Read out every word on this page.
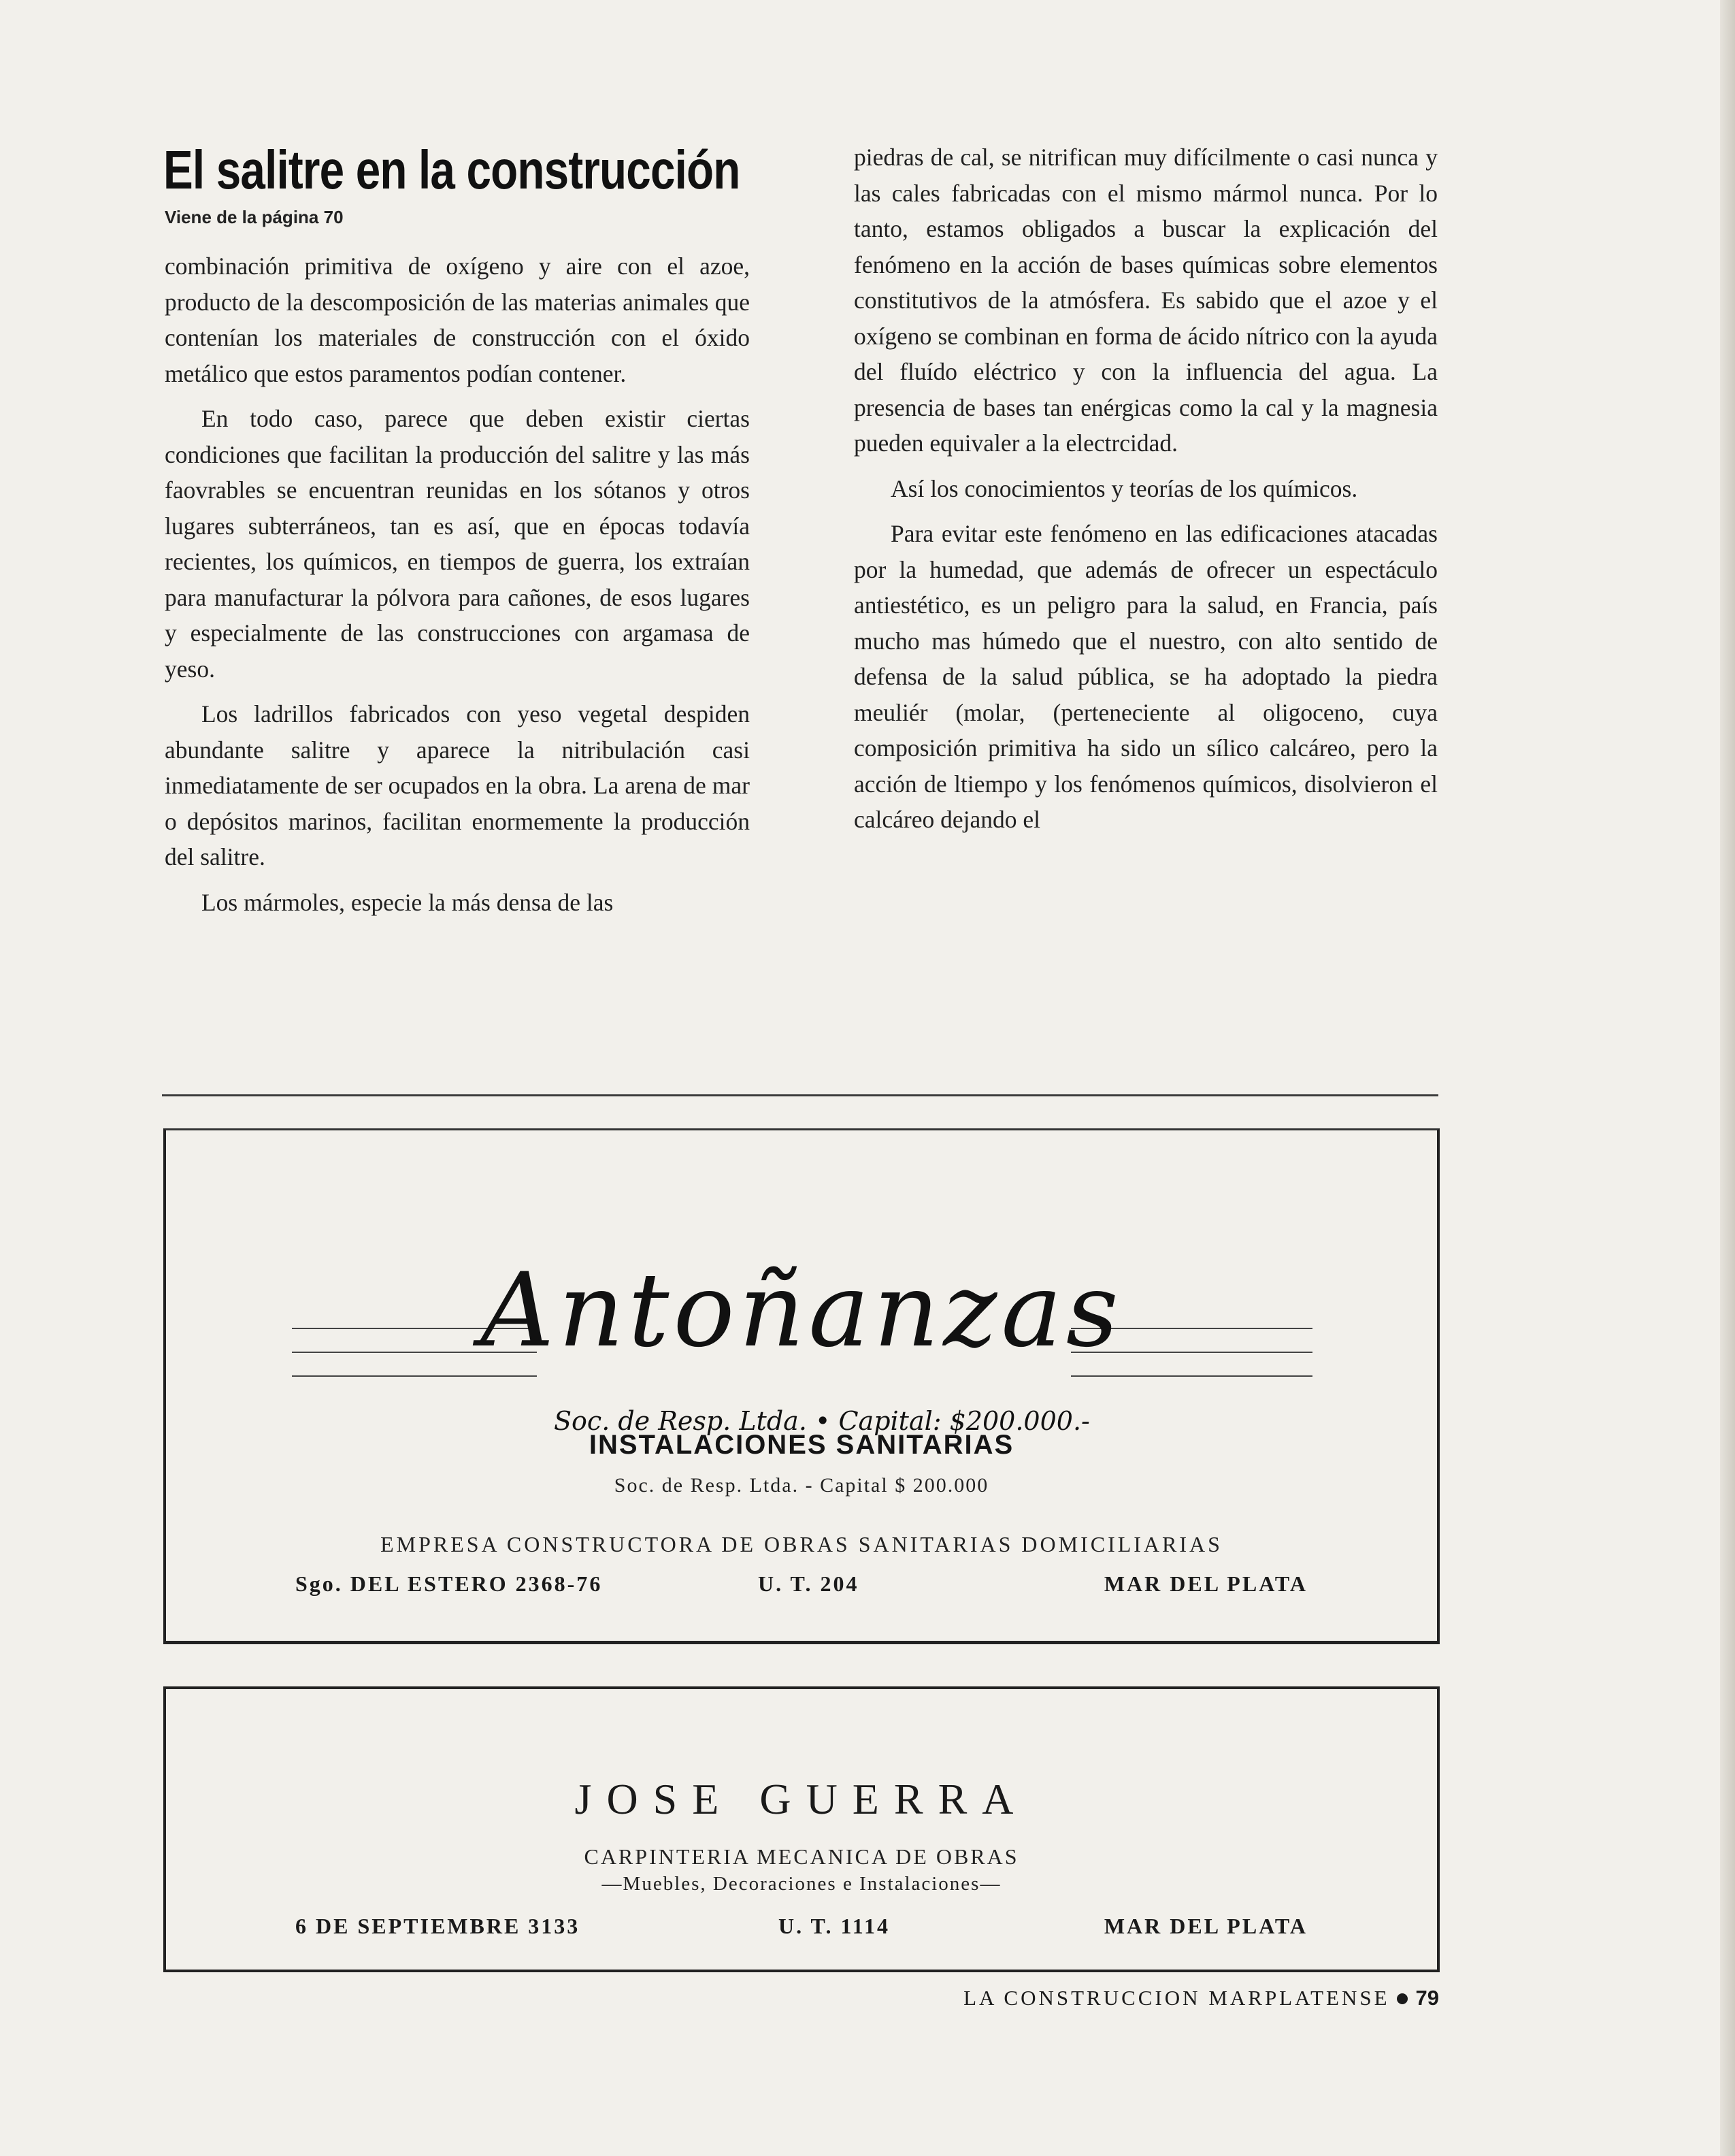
El salitre en la construcción
Viene de la página 70

combinación primitiva de oxígeno y aire con el azoe, producto de la descomposición de las materias animales que contenían los materiales de construcción con el óxido metálico que estos paramentos podían contener.

En todo caso, parece que deben existir ciertas condiciones que facilitan la producción del salitre y las más faovrables se encuentran reunidas en los sótanos y otros lugares subterráneos, tan es así, que en épocas todavía recientes, los químicos, en tiempos de guerra, los extraían para manufacturar la pólvora para cañones, de esos lugares y especialmente de las construcciones con argamasa de yeso.

Los ladrillos fabricados con yeso vegetal despiden abundante salitre y aparece la nitribulación casi inmediatamente de ser ocupados en la obra. La arena de mar o depósitos marinos, facilitan enormemente la producción del salitre.

Los mármoles, especie la más densa de las

piedras de cal, se nitrifican muy difícilmente o casi nunca y las cales fabricadas con el mismo mármol nunca. Por lo tanto, estamos obligados a buscar la explicación del fenómeno en la acción de bases químicas sobre elementos constitutivos de la atmósfera. Es sabido que el azoe y el oxígeno se combinan en forma de ácido nítrico con la ayuda del fluído eléctrico y con la influencia del agua. La presencia de bases tan enérgicas como la cal y la magnesia pueden equivaler a la electrcidad.

Así los conocimientos y teorías de los químicos.

Para evitar este fenómeno en las edificaciones atacadas por la humedad, que además de ofrecer un espectáculo antiestético, es un peligro para la salud, en Francia, país mucho mas húmedo que el nuestro, con alto sentido de defensa de la salud pública, se ha adoptado la piedra meuliér (molar, (perteneciente al oligoceno, cuya composición primitiva ha sido un sílico calcáreo, pero la acción de ltiempo y los fenómenos químicos, disolvieron el calcáreo dejando el

Antoñanzas
Soc. de Resp. Ltda. • Capital: $200.000.-
INSTALACIONES SANITARIAS
Soc. de Resp. Ltda. - Capital $ 200.000
EMPRESA CONSTRUCTORA DE OBRAS SANITARIAS DOMICILIARIAS
Sgo. DEL ESTERO 2368-76	U. T. 204	MAR DEL PLATA
JOSE GUERRA
CARPINTERIA MECANICA DE OBRAS
—Muebles, Decoraciones e Instalaciones—
6 DE SEPTIEMBRE 3133	U. T. 1114	MAR DEL PLATA
LA CONSTRUCCION MARPLATENSE 79
